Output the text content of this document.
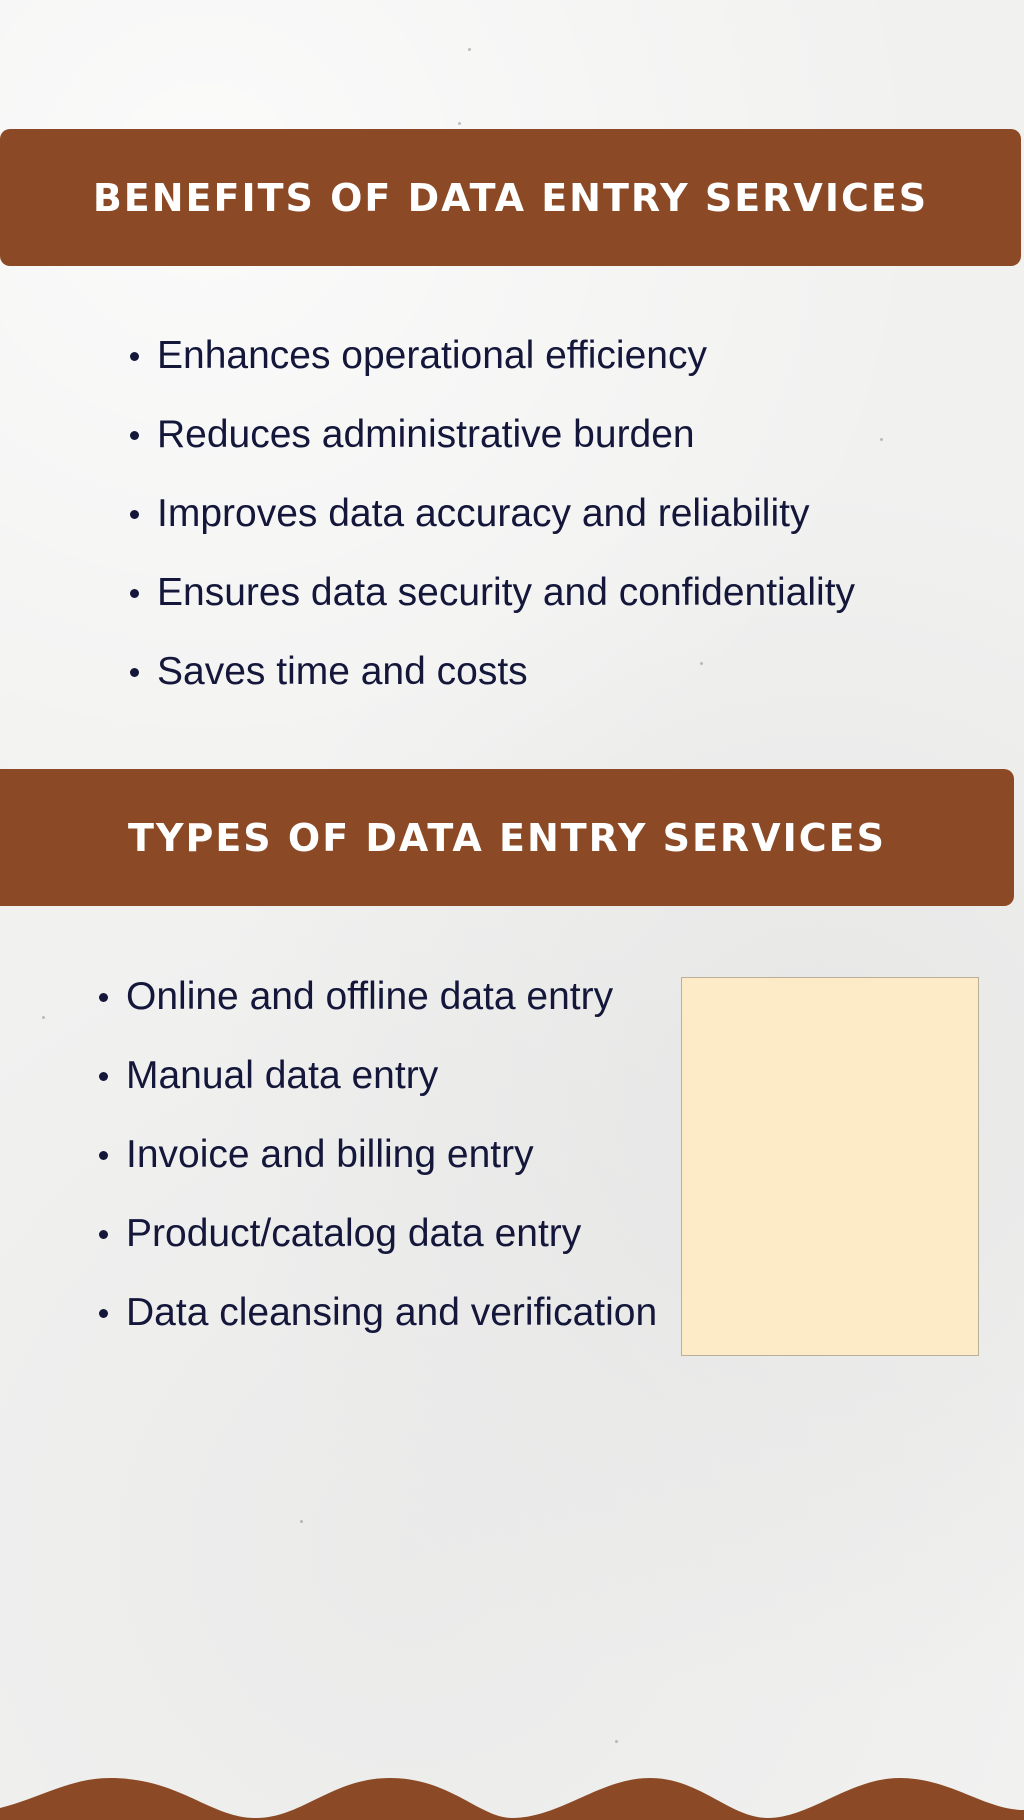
BENEFITS OF DATA ENTRY SERVICES
Enhances operational efficiency
Reduces administrative burden
Improves data accuracy and reliability
Ensures data security and confidentiality
Saves time and costs
TYPES OF DATA ENTRY SERVICES
Online and offline data entry
Manual data entry
Invoice and billing entry
Product/catalog data entry
Data cleansing and verification
